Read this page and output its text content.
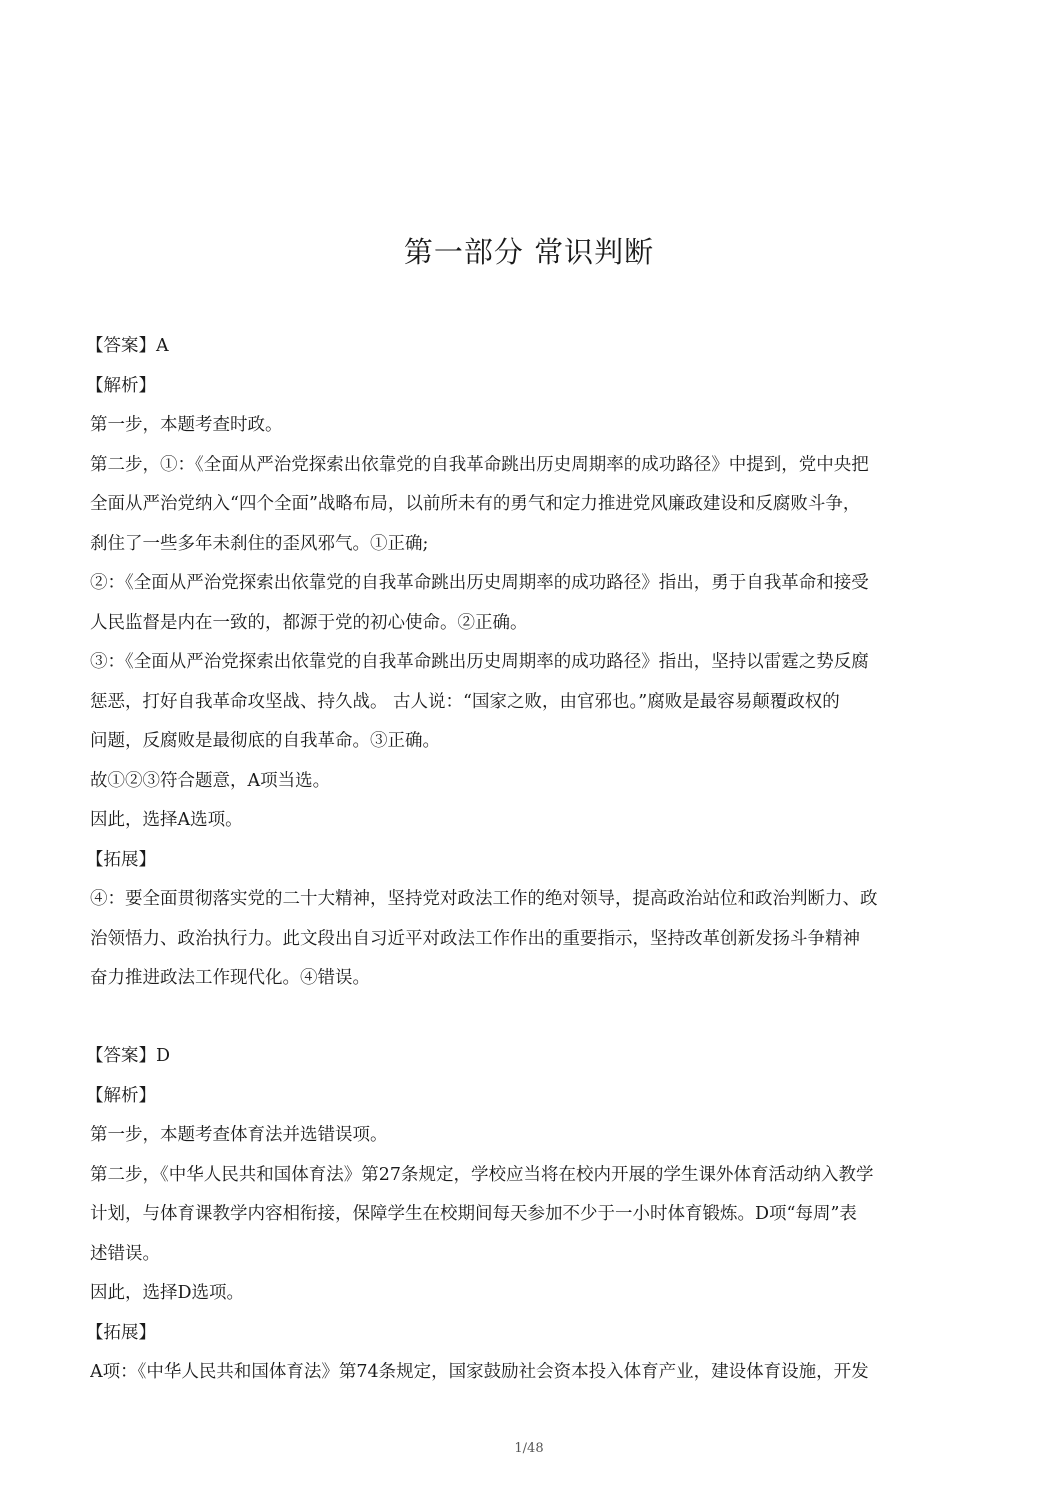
第一部分 常识判断
【答案】A
【解析】
第一步，本题考查时政。
第二步，①：《全面从严治党探索出依靠党的自我革命跳出历史周期率的成功路径》中提到，党中央把
全面从严治党纳入“四个全面”战略布局，以前所未有的勇气和定力推进党风廉政建设和反腐败斗争，
刹住了一些多年未刹住的歪风邪气。①正确;
②：《全面从严治党探索出依靠党的自我革命跳出历史周期率的成功路径》指出，勇于自我革命和接受
人民监督是内在一致的，都源于党的初心使命。②正确。
③：《全面从严治党探索出依靠党的自我革命跳出历史周期率的成功路径》指出，坚持以雷霆之势反腐
惩恶，打好自我革命攻坚战、持久战。 古人说：“国家之败，由官邪也。”腐败是最容易颠覆政权的
问题，反腐败是最彻底的自我革命。③正确。
故①②③符合题意，A项当选。
因此，选择A选项。
【拓展】
④：要全面贯彻落实党的二十大精神，坚持党对政法工作的绝对领导，提高政治站位和政治判断力、政
治领悟力、政治执行力。此文段出自习近平对政法工作作出的重要指示，坚持改革创新发扬斗争精神
奋力推进政法工作现代化。④错误。
【答案】D
【解析】
第一步，本题考查体育法并选错误项。
第二步，《中华人民共和国体育法》第27条规定，学校应当将在校内开展的学生课外体育活动纳入教学
计划，与体育课教学内容相衔接，保障学生在校期间每天参加不少于一小时体育锻炼。D项“每周”表
述错误。
因此，选择D选项。
【拓展】
A项：《中华人民共和国体育法》第74条规定，国家鼓励社会资本投入体育产业，建设体育设施，开发
1/48
